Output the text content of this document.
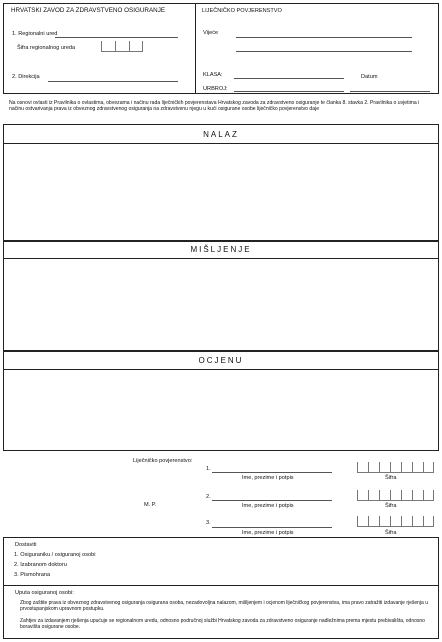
HRVATSKI ZAVOD ZA ZDRAVSTVENO OSIGURANJE
1. Regionalni ured
Šifra regionalnog ureda
2. Direkcija
LIJEČNIČKO POVJERENSTVO
Vijeće
KLASA:	Datum
URBROJ:
Na osnovi ovlasti iz Pravilnika o ovlastima, obvezama i načinu rada liječničkih povjerenstava Hrvatskog zavoda za zdravstveno osiguranje te članka 8. stavka 2. Pravilnika o uvjetima i načinu ostvarivanja prava iz obveznog zdravstvenog osiguranja na zdravstvenu njegu u kući osigurane osobe liječničko povjerenstvo daje
NALAZ
MIŠLJENJE
OCJENU
Liječničko povjerenstvo:
M. P.
1.
Ime, prezime i potpis	Šifra
2.
Ime, prezime i potpis	Šifra
3.
Ime, prezime i potpis	Šifra
Dostaviti
1. Osiguraniku / osiguranoj osobi
2. Izabranom doktoru
3. Pismohrana
Uputa osiguranoj osobi:
Zbog zaštite prava iz obveznog zdravstvenog osiguranja osigurana osoba, nezadovoljna nalazom, mišljenjem i ocjenom liječničkog povjerenstva, ima pravo zatražiti izdavanje rješenja u prvostupanjskom upravnom postupku.
Zahtjev za izdavanjem rješenja upućuje se regionalnom uredu, odnosno područnoj službi Hrvatskog zavoda za zdravstveno osiguranje nadležnima prema mjestu prebivališta, odnosno boravišta osigurane osobe.
